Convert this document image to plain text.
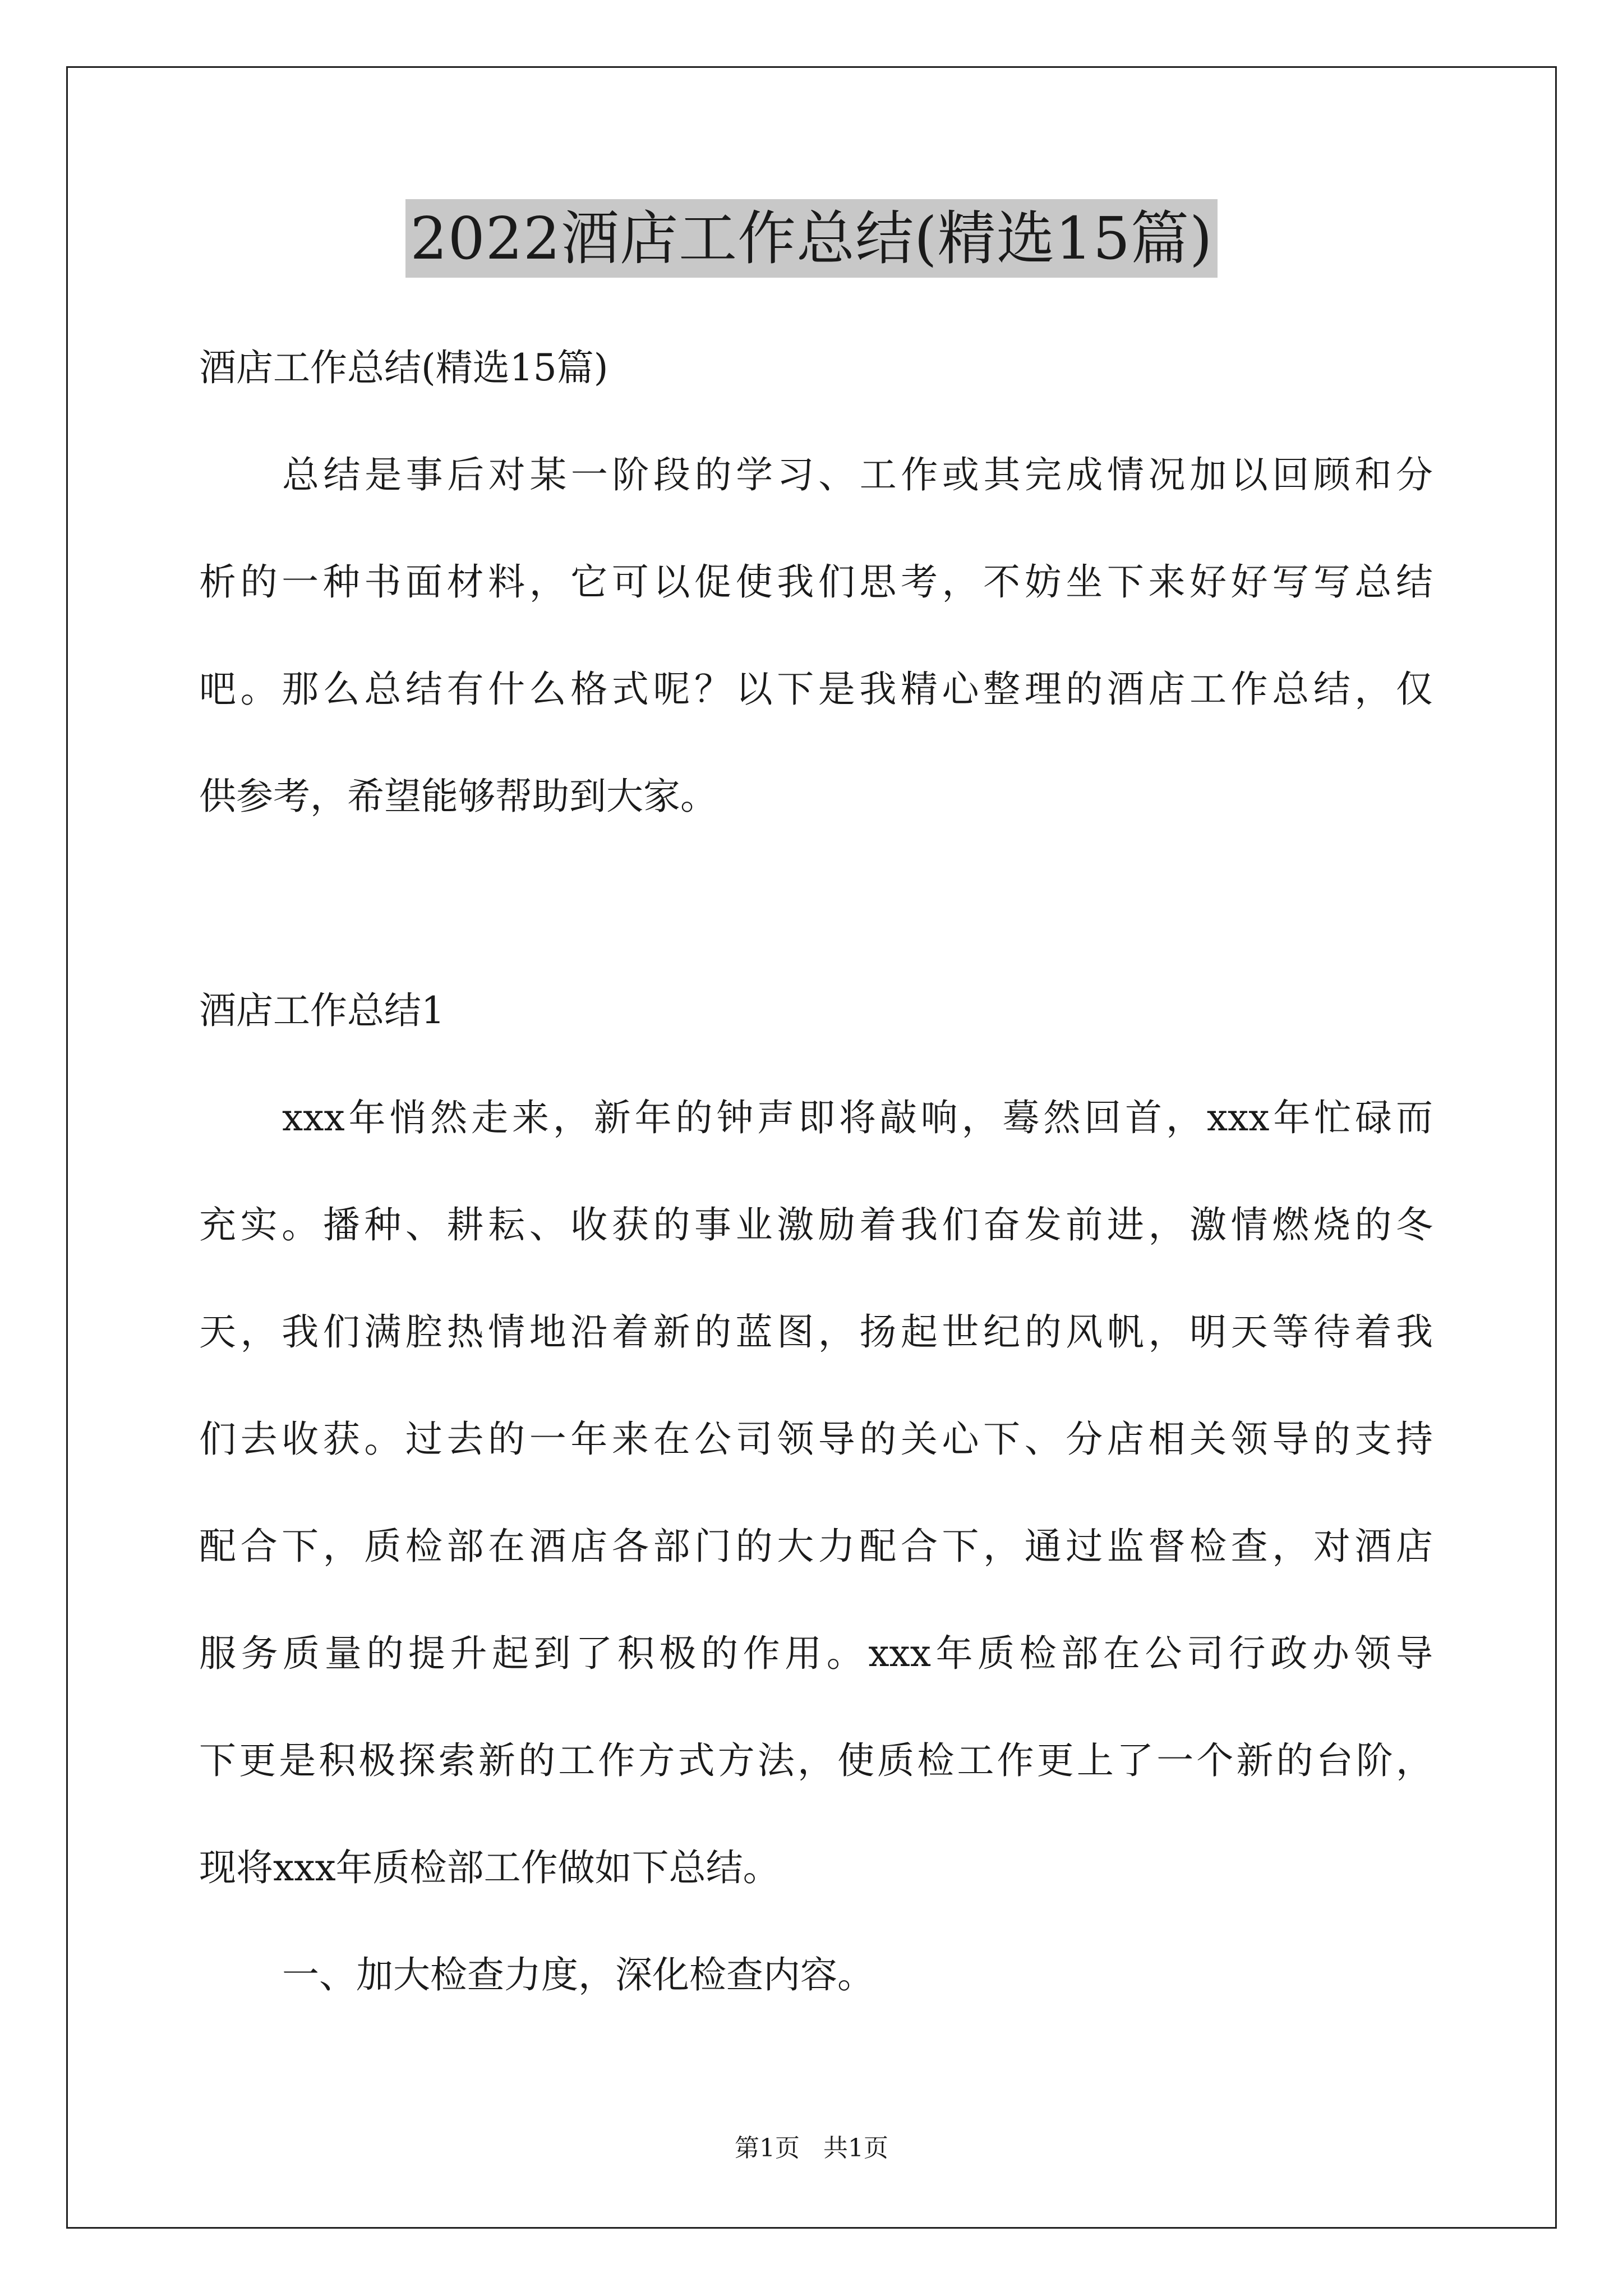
2022酒店工作总结(精选15篇)
酒店工作总结(精选15篇)
总结是事后对某一阶段的学习、工作或其完成情况加以回顾和分
析的一种书面材料，它可以促使我们思考，不妨坐下来好好写写总结
吧。那么总结有什么格式呢？以下是我精心整理的酒店工作总结，仅
供参考，希望能够帮助到大家。
酒店工作总结1
xxx年悄然走来，新年的钟声即将敲响，蓦然回首，xxx年忙碌而
充实。播种、耕耘、收获的事业激励着我们奋发前进，激情燃烧的冬
天，我们满腔热情地沿着新的蓝图，扬起世纪的风帆，明天等待着我
们去收获。过去的一年来在公司领导的关心下、分店相关领导的支持
配合下，质检部在酒店各部门的大力配合下，通过监督检查，对酒店
服务质量的提升起到了积极的作用。xxx年质检部在公司行政办领导
下更是积极探索新的工作方式方法，使质检工作更上了一个新的台阶，
现将xxx年质检部工作做如下总结。
一、加大检查力度，深化检查内容。
第1页 共1页
